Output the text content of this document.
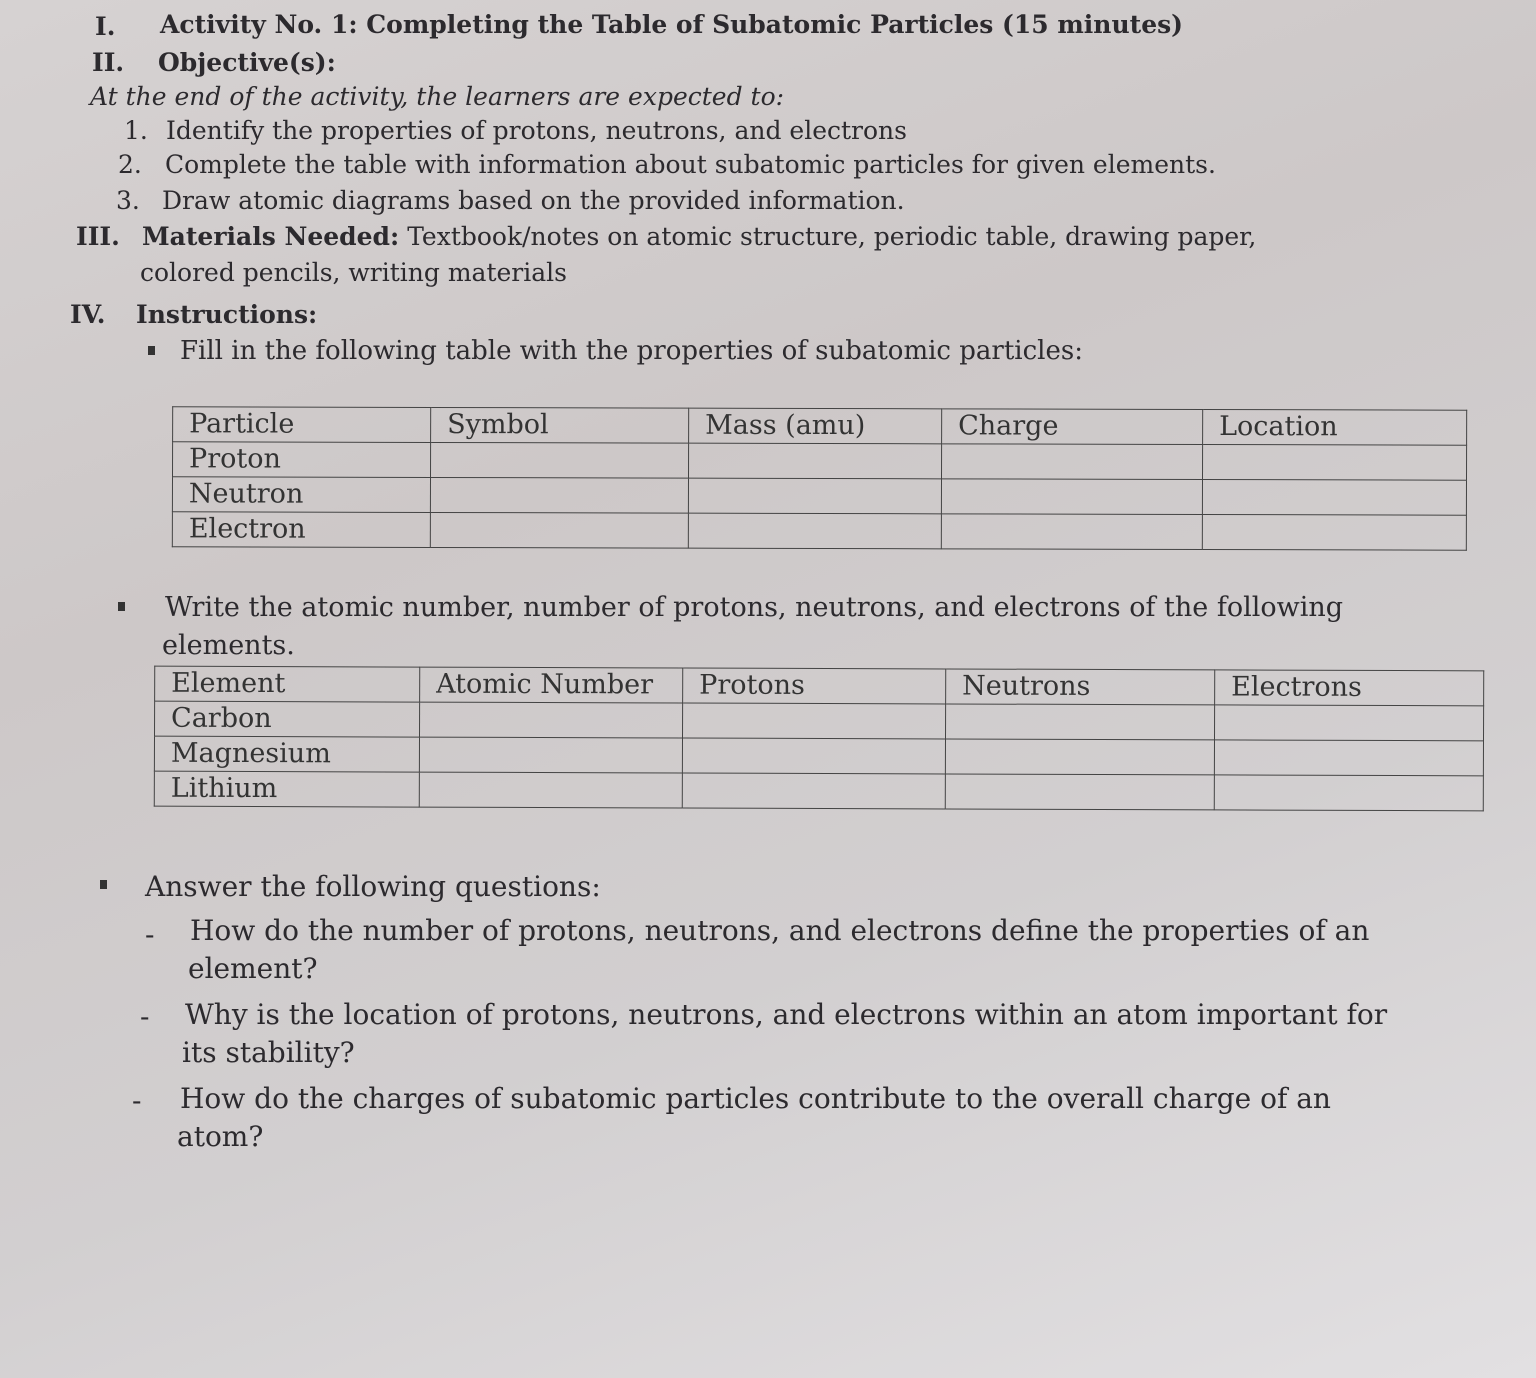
I. Activity No. 1: Completing the Table of Subatomic Particles (15 minutes)
II. Objective(s):
At the end of the activity, the learners are expected to:
1. Identify the properties of protons, neutrons, and electrons
2. Complete the table with information about subatomic particles for given elements.
3. Draw atomic diagrams based on the provided information.
III. Materials Needed: Textbook/notes on atomic structure, periodic table, drawing paper,
colored pencils, writing materials
IV. Instructions:
Fill in the following table with the properties of subatomic particles:
Particle	Symbol	Mass (amu)	Charge	Location
Proton				
Neutron				
Electron				
Write the atomic number, number of protons, neutrons, and electrons of the following
elements.
Element	Atomic Number	Protons	Neutrons	Electrons
Carbon				
Magnesium				
Lithium				
Answer the following questions:
- How do the number of protons, neutrons, and electrons define the properties of an
element?
- Why is the location of protons, neutrons, and electrons within an atom important for
its stability?
- How do the charges of subatomic particles contribute to the overall charge of an
atom?
